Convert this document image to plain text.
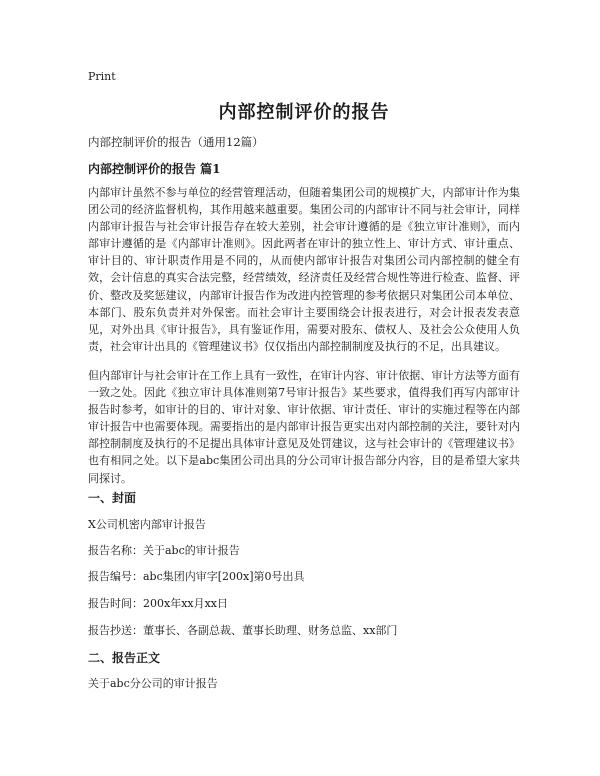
Print
内部控制评价的报告

内部控制评价的报告（通用12篇）

内部控制评价的报告 篇1

内部审计虽然不参与单位的经营管理活动，但随着集团公司的规模扩大，内部审计作为集团公司的经济监督机构，其作用越来越重要。集团公司的内部审计不同与社会审计，同样内部审计报告与社会审计报告存在较大差别，社会审计遵循的是《独立审计准则》，而内部审计遵循的是《内部审计准则》。因此两者在审计的独立性上、审计方式、审计重点、审计目的、审计职责作用是不同的，从而使内部审计报告对集团公司内部控制的健全有效，会计信息的真实合法完整，经营绩效，经济责任及经营合规性等进行检查、监督、评价、整改及奖惩建议，内部审计报告作为改进内控管理的参考依据只对集团公司本单位、本部门、股东负责并对外保密。而社会审计主要围绕会计报表进行，对会计报表发表意见，对外出具《审计报告》，具有鉴证作用，需要对股东、债权人、及社会公众使用人负责，社会审计出具的《管理建议书》仅仅指出内部控制制度及执行的不足，出具建议。

但内部审计与社会审计在工作上具有一致性，在审计内容、审计依据、审计方法等方面有一致之处。因此《独立审计具体准则第7号审计报告》某些要求，值得我们再写内部审计报告时参考，如审计的目的、审计对象、审计依据、审计责任、审计的实施过程等在内部审计报告中也需要体现。需要指出的是内部审计报告更实出对内部控制的关注，要针对内部控制制度及执行的不足提出具体审计意见及处罚建议，这与社会审计的《管理建议书》也有相同之处。以下是abc集团公司出具的分公司审计报告部分内容，目的是希望大家共同探讨。

一、封面

X公司机密内部审计报告

报告名称：关于abc的审计报告

报告编号：abc集团内审字[200x]第0号出具

报告时间：200x年xx月xx日

报告抄送：董事长、各副总裁、董事长助理、财务总监、xx部门

二、报告正文

关于abc分公司的审计报告
